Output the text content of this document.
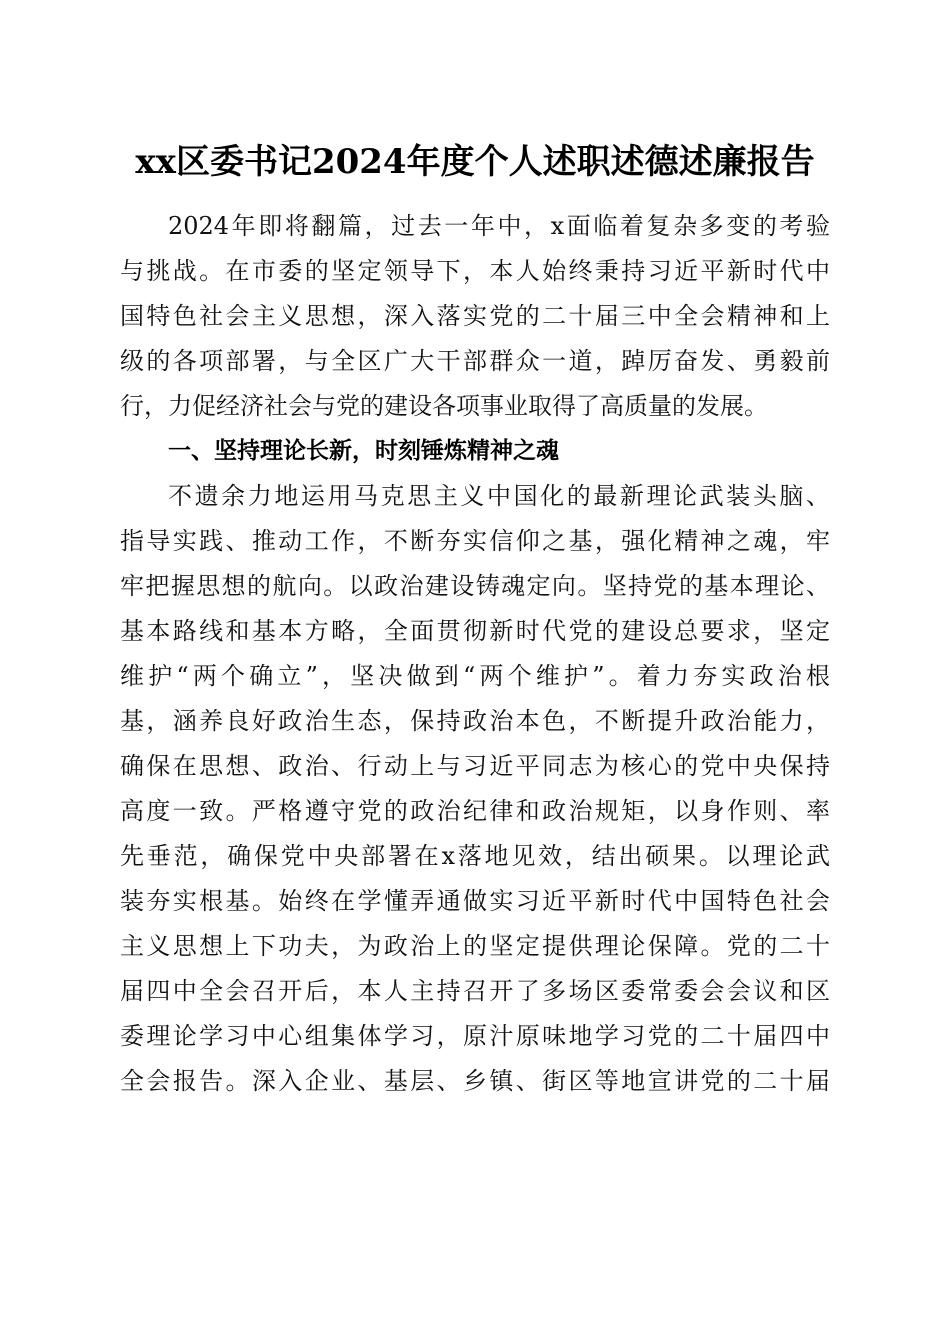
xx区委书记2024年度个人述职述德述廉报告
2024年即将翻篇，过去一年中，x面临着复杂多变的考验
与挑战。在市委的坚定领导下，本人始终秉持习近平新时代中
国特色社会主义思想，深入落实党的二十届三中全会精神和上
级的各项部署，与全区广大干部群众一道，踔厉奋发、勇毅前
行，力促经济社会与党的建设各项事业取得了高质量的发展。
一、坚持理论长新，时刻锤炼精神之魂
不遗余力地运用马克思主义中国化的最新理论武装头脑、
指导实践、推动工作，不断夯实信仰之基，强化精神之魂，牢
牢把握思想的航向。以政治建设铸魂定向。坚持党的基本理论、
基本路线和基本方略，全面贯彻新时代党的建设总要求，坚定
维护“两个确立”，坚决做到“两个维护”。着力夯实政治根
基，涵养良好政治生态，保持政治本色，不断提升政治能力，
确保在思想、政治、行动上与习近平同志为核心的党中央保持
高度一致。严格遵守党的政治纪律和政治规矩，以身作则、率
先垂范，确保党中央部署在x落地见效，结出硕果。以理论武
装夯实根基。始终在学懂弄通做实习近平新时代中国特色社会
主义思想上下功夫，为政治上的坚定提供理论保障。党的二十
届四中全会召开后，本人主持召开了多场区委常委会会议和区
委理论学习中心组集体学习，原汁原味地学习党的二十届四中
全会报告。深入企业、基层、乡镇、街区等地宣讲党的二十届
